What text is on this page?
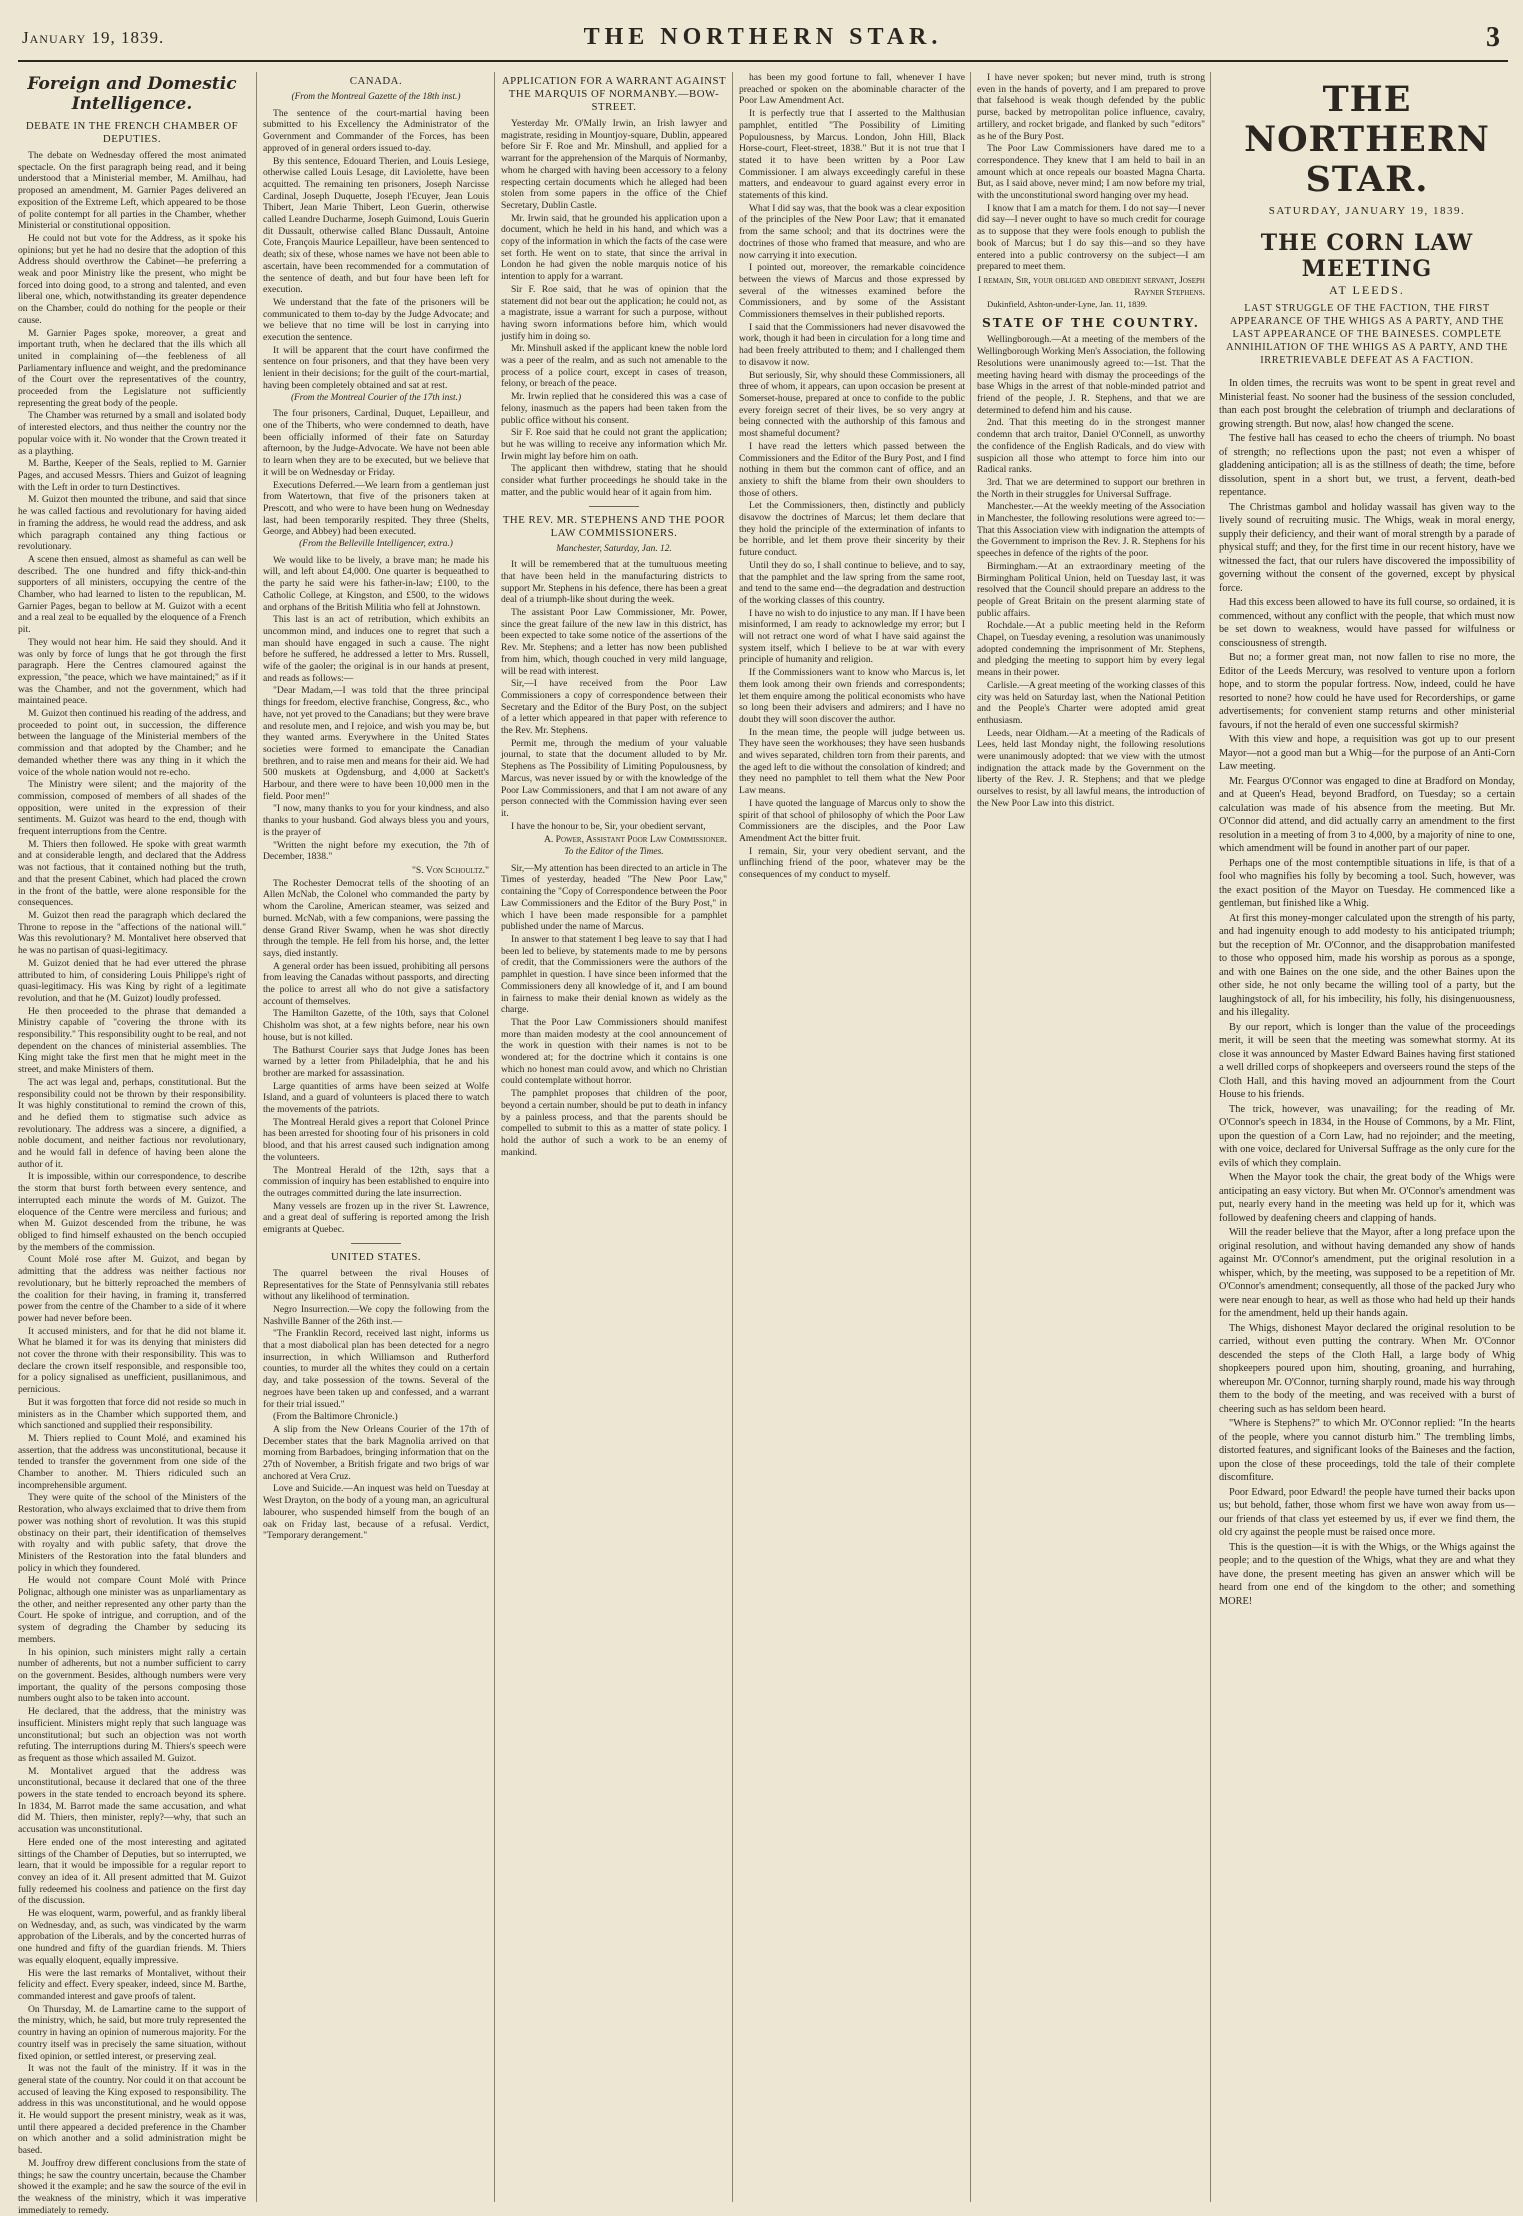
January 19, 1839.	THE NORTHERN STAR.	3
Foreign and Domestic Intelligence.
DEBATE IN THE FRENCH CHAMBER OF DEPUTIES.

The debate on Wednesday offered the most animated spectacle. On the first paragraph being read, and it being understood that a Ministerial member, M. Amilhau, had proposed an amendment, M. Garnier Pages delivered an exposition of the Extreme Left, which appeared to be those of polite contempt for all parties in the Chamber, whether Ministerial or constitutional opposition.

He could not but vote for the Address, as it spoke his opinions; but yet he had no desire that the adoption of this Address should overthrow the Cabinet—he preferring a weak and poor Ministry like the present, who might be forced into doing good, to a strong and talented, and even liberal one, which, notwithstanding its greater dependence on the Chamber, could do nothing for the people or their cause.

M. Garnier Pages spoke, moreover, a great and important truth, when he declared that the ills which all united in complaining of—the feebleness of all Parliamentary influence and weight, and the predominance of the Court over the representatives of the country, proceeded from the Legislature not sufficiently representing the great body of the people.

The Chamber was returned by a small and isolated body of interested electors, and thus neither the country nor the popular voice with it. No wonder that the Crown treated it as a plaything.

M. Barthe, Keeper of the Seals, replied to M. Garnier Pages, and accused Messrs. Thiers and Guizot of leagning with the Left in order to turn Destinctives.

M. Guizot then mounted the tribune, and said that since he was called factious and revolutionary for having aided in framing the address, he would read the address, and ask which paragraph contained any thing factious or revolutionary.

A scene then ensued, almost as shameful as can well be described. The one hundred and fifty thick-and-thin supporters of all ministers, occupying the centre of the Chamber, who had learned to listen to the republican, M. Garnier Pages, began to bellow at M. Guizot with a ecent and a real zeal to be equalled by the eloquence of a French pit.

They would not hear him. He said they should. And it was only by force of lungs that he got through the first paragraph. Here the Centres clamoured against the expression, "the peace, which we have maintained;" as if it was the Chamber, and not the government, which had maintained peace.

M. Guizot then continued his reading of the address, and proceeded to point out, in succession, the difference between the language of the Ministerial members of the commission and that adopted by the Chamber; and he demanded whether there was any thing in it which the voice of the whole nation would not re-echo.

The Ministry were silent; and the majority of the commission, composed of members of all shades of the opposition, were united in the expression of their sentiments. M. Guizot was heard to the end, though with frequent interruptions from the Centre.

M. Thiers then followed. He spoke with great warmth and at considerable length, and declared that the Address was not factious, that it contained nothing but the truth, and that the present Cabinet, which had placed the crown in the front of the battle, were alone responsible for the consequences.

M. Guizot then read the paragraph which declared the Throne to repose in the "affections of the national will." Was this revolutionary? M. Montalivet here observed that he was no partisan of quasi-legitimacy.

M. Guizot denied that he had ever uttered the phrase attributed to him, of considering Louis Philippe's right of quasi-legitimacy. His was King by right of a legitimate revolution, and that he (M. Guizot) loudly professed.

He then proceeded to the phrase that demanded a Ministry capable of "covering the throne with its responsibility." This responsibility ought to be real, and not dependent on the chances of ministerial assemblies. The King might take the first men that he might meet in the street, and make Ministers of them.

The act was legal and, perhaps, constitutional. But the responsibility could not be thrown by their responsibility. It was highly constitutional to remind the crown of this, and he defied them to stigmatise such advice as revolutionary. The address was a sincere, a dignified, a noble document, and neither factious nor revolutionary, and he would fall in defence of having been alone the author of it.

It is impossible, within our correspondence, to describe the storm that burst forth between every sentence, and interrupted each minute the words of M. Guizot. The eloquence of the Centre were merciless and furious; and when M. Guizot descended from the tribune, he was obliged to find himself exhausted on the bench occupied by the members of the commission.

Count Molé rose after M. Guizot, and began by admitting that the address was neither factious nor revolutionary, but he bitterly reproached the members of the coalition for their having, in framing it, transferred power from the centre of the Chamber to a side of it where power had never before been.

It accused ministers, and for that he did not blame it. What he blamed it for was its denying that ministers did not cover the throne with their responsibility. This was to declare the crown itself responsible, and responsible too, for a policy signalised as unefficient, pusillanimous, and pernicious.

But it was forgotten that force did not reside so much in ministers as in the Chamber which supported them, and which sanctioned and supplied their responsibility.

M. Thiers replied to Count Molé, and examined his assertion, that the address was unconstitutional, because it tended to transfer the government from one side of the Chamber to another. M. Thiers ridiculed such an incomprehensible argument.

They were quite of the school of the Ministers of the Restoration, who always exclaimed that to drive them from power was nothing short of revolution. It was this stupid obstinacy on their part, their identification of themselves with royalty and with public safety, that drove the Ministers of the Restoration into the fatal blunders and policy in which they foundered.

He would not compare Count Molé with Prince Polignac, although one minister was as unparliamentary as the other, and neither represented any other party than the Court. He spoke of intrigue, and corruption, and of the system of degrading the Chamber by seducing its members.

In his opinion, such ministers might rally a certain number of adherents, but not a number sufficient to carry on the government. Besides, although numbers were very important, the quality of the persons composing those numbers ought also to be taken into account.

He declared, that the address, that the ministry was insufficient. Ministers might reply that such language was unconstitutional; but such an objection was not worth refuting. The interruptions during M. Thiers's speech were as frequent as those which assailed M. Guizot.

M. Montalivet argued that the address was unconstitutional, because it declared that one of the three powers in the state tended to encroach beyond its sphere. In 1834, M. Barrot made the same accusation, and what did M. Thiers, then minister, reply?—why, that such an accusation was unconstitutional.

Here ended one of the most interesting and agitated sittings of the Chamber of Deputies, but so interrupted, we learn, that it would be impossible for a regular report to convey an idea of it. All present admitted that M. Guizot fully redeemed his coolness and patience on the first day of the discussion.

He was eloquent, warm, powerful, and as frankly liberal on Wednesday, and, as such, was vindicated by the warm approbation of the Liberals, and by the concerted hurras of one hundred and fifty of the guardian friends. M. Thiers was equally eloquent, equally impressive.

His were the last remarks of Montalivet, without their felicity and effect. Every speaker, indeed, since M. Barthe, commanded interest and gave proofs of talent.

On Thursday, M. de Lamartine came to the support of the ministry, which, he said, but more truly represented the country in having an opinion of numerous majority. For the country itself was in precisely the same situation, without fixed opinion, or settled interest, or preserving zeal.

It was not the fault of the ministry. If it was in the general state of the country. Nor could it on that account be accused of leaving the King exposed to responsibility. The address in this was unconstitutional, and he would oppose it. He would support the present ministry, weak as it was, until there appeared a decided preference in the Chamber on which another and a solid administration might be based.

M. Jouffroy drew different conclusions from the state of things; he saw the country uncertain, because the Chamber showed it the example; and he saw the source of the evil in the weakness of the ministry, which it was imperative immediately to remedy.

CANADA.
(From the Montreal Gazette of the 18th inst.)

The sentence of the court-martial having been submitted to his Excellency the Administrator of the Government and Commander of the Forces, has been approved of in general orders issued to-day.

By this sentence, Edouard Therien, and Louis Lesiege, otherwise called Louis Lesage, dit Laviolette, have been acquitted. The remaining ten prisoners, Joseph Narcisse Cardinal, Joseph Duquette, Joseph l'Ecuyer, Jean Louis Thibert, Jean Marie Thibert, Leon Guerin, otherwise called Leandre Ducharme, Joseph Guimond, Louis Guerin dit Dussault, otherwise called Blanc Dussault, Antoine Cote, François Maurice Lepailleur, have been sentenced to death; six of these, whose names we have not been able to ascertain, have been recommended for a commutation of the sentence of death, and but four have been left for execution.

We understand that the fate of the prisoners will be communicated to them to-day by the Judge Advocate; and we believe that no time will be lost in carrying into execution the sentence.

It will be apparent that the court have confirmed the sentence on four prisoners, and that they have been very lenient in their decisions; for the guilt of the court-martial, having been completely obtained and sat at rest.

(From the Montreal Courier of the 17th inst.)

The four prisoners, Cardinal, Duquet, Lepailleur, and one of the Thiberts, who were condemned to death, have been officially informed of their fate on Saturday afternoon, by the Judge-Advocate. We have not been able to learn when they are to be executed, but we believe that it will be on Wednesday or Friday.

Executions Deferred.—We learn from a gentleman just from Watertown, that five of the prisoners taken at Prescott, and who were to have been hung on Wednesday last, had been temporarily respited. They three (Shelts, George, and Abbey) had been executed.

(From the Belleville Intelligencer, extra.)

We would like to be lively, a brave man; he made his will, and left about £4,000. One quarter is bequeathed to the party he said were his father-in-law; £100, to the Catholic College, at Kingston, and £500, to the widows and orphans of the British Militia who fell at Johnstown.

This last is an act of retribution, which exhibits an uncommon mind, and induces one to regret that such a man should have engaged in such a cause. The night before he suffered, he addressed a letter to Mrs. Russell, wife of the gaoler; the original is in our hands at present, and reads as follows:—

"Dear Madam,—I was told that the three principal things for freedom, elective franchise, Congress, &c., who have, not yet proved to the Canadians; but they were brave and resolute men, and I rejoice, and wish you may be, but they wanted arms. Everywhere in the United States societies were formed to emancipate the Canadian brethren, and to raise men and means for their aid. We had 500 muskets at Ogdensburg, and 4,000 at Sackett's Harbour, and there were to have been 10,000 men in the field. Poor men!"

"I now, many thanks to you for your kindness, and also thanks to your husband. God always bless you and yours, is the prayer of

"Written the night before my execution, the 7th of December, 1838."

"S. Von Schoultz."

The Rochester Democrat tells of the shooting of an Allen McNab, the Colonel who commanded the party by whom the Caroline, American steamer, was seized and burned. McNab, with a few companions, were passing the dense Grand River Swamp, when he was shot directly through the temple. He fell from his horse, and, the letter says, died instantly.

A general order has been issued, prohibiting all persons from leaving the Canadas without passports, and directing the police to arrest all who do not give a satisfactory account of themselves.

The Hamilton Gazette, of the 10th, says that Colonel Chisholm was shot, at a few nights before, near his own house, but is not killed.

The Bathurst Courier says that Judge Jones has been warned by a letter from Philadelphia, that he and his brother are marked for assassination.

Large quantities of arms have been seized at Wolfe Island, and a guard of volunteers is placed there to watch the movements of the patriots.

The Montreal Herald gives a report that Colonel Prince has been arrested for shooting four of his prisoners in cold blood, and that his arrest caused such indignation among the volunteers.

The Montreal Herald of the 12th, says that a commission of inquiry has been established to enquire into the outrages committed during the late insurrection.

Many vessels are frozen up in the river St. Lawrence, and a great deal of suffering is reported among the Irish emigrants at Quebec.

UNITED STATES.

The quarrel between the rival Houses of Representatives for the State of Pennsylvania still rebates without any likelihood of termination.

Negro Insurrection.—We copy the following from the Nashville Banner of the 26th inst.—

"The Franklin Record, received last night, informs us that a most diabolical plan has been detected for a negro insurrection, in which Williamson and Rutherford counties, to murder all the whites they could on a certain day, and take possession of the towns. Several of the negroes have been taken up and confessed, and a warrant for their trial issued."

(From the Baltimore Chronicle.)

A slip from the New Orleans Courier of the 17th of December states that the bark Magnolia arrived on that morning from Barbadoes, bringing information that on the 27th of November, a British frigate and two brigs of war anchored at Vera Cruz.

Love and Suicide.—An inquest was held on Tuesday at West Drayton, on the body of a young man, an agricultural labourer, who suspended himself from the bough of an oak on Friday last, because of a refusal. Verdict, "Temporary derangement."

APPLICATION FOR A WARRANT AGAINST THE MARQUIS OF NORMANBY.—BOW-STREET.

Yesterday Mr. O'Mally Irwin, an Irish lawyer and magistrate, residing in Mountjoy-square, Dublin, appeared before Sir F. Roe and Mr. Minshull, and applied for a warrant for the apprehension of the Marquis of Normanby, whom he charged with having been accessory to a felony respecting certain documents which he alleged had been stolen from some papers in the office of the Chief Secretary, Dublin Castle.

Mr. Irwin said, that he grounded his application upon a document, which he held in his hand, and which was a copy of the information in which the facts of the case were set forth. He went on to state, that since the arrival in London he had given the noble marquis notice of his intention to apply for a warrant.

Sir F. Roe said, that he was of opinion that the statement did not bear out the application; he could not, as a magistrate, issue a warrant for such a purpose, without having sworn informations before him, which would justify him in doing so.

Mr. Minshull asked if the applicant knew the noble lord was a peer of the realm, and as such not amenable to the process of a police court, except in cases of treason, felony, or breach of the peace.

Mr. Irwin replied that he considered this was a case of felony, inasmuch as the papers had been taken from the public office without his consent.

Sir F. Roe said that he could not grant the application; but he was willing to receive any information which Mr. Irwin might lay before him on oath.

The applicant then withdrew, stating that he should consider what further proceedings he should take in the matter, and the public would hear of it again from him.

THE REV. MR. STEPHENS AND THE POOR LAW COMMISSIONERS.
Manchester, Saturday, Jan. 12.

It will be remembered that at the tumultuous meeting that have been held in the manufacturing districts to support Mr. Stephens in his defence, there has been a great deal of a triumph-like shout during the week.

The assistant Poor Law Commissioner, Mr. Power, since the great failure of the new law in this district, has been expected to take some notice of the assertions of the Rev. Mr. Stephens; and a letter has now been published from him, which, though couched in very mild language, will be read with interest.

Sir,—I have received from the Poor Law Commissioners a copy of correspondence between their Secretary and the Editor of the Bury Post, on the subject of a letter which appeared in that paper with reference to the Rev. Mr. Stephens.

Permit me, through the medium of your valuable journal, to state that the document alluded to by Mr. Stephens as The Possibility of Limiting Populousness, by Marcus, was never issued by or with the knowledge of the Poor Law Commissioners, and that I am not aware of any person connected with the Commission having ever seen it.

I have the honour to be, Sir, your obedient servant,

A. Power, Assistant Poor Law Commissioner.

To the Editor of the Times.

Sir,—My attention has been directed to an article in The Times of yesterday, headed "The New Poor Law," containing the "Copy of Correspondence between the Poor Law Commissioners and the Editor of the Bury Post," in which I have been made responsible for a pamphlet published under the name of Marcus.

In answer to that statement I beg leave to say that I had been led to believe, by statements made to me by persons of credit, that the Commissioners were the authors of the pamphlet in question. I have since been informed that the Commissioners deny all knowledge of it, and I am bound in fairness to make their denial known as widely as the charge.

That the Poor Law Commissioners should manifest more than maiden modesty at the cool announcement of the work in question with their names is not to be wondered at; for the doctrine which it contains is one which no honest man could avow, and which no Christian could contemplate without horror.

The pamphlet proposes that children of the poor, beyond a certain number, should be put to death in infancy by a painless process, and that the parents should be compelled to submit to this as a matter of state policy. I hold the author of such a work to be an enemy of mankind.

has been my good fortune to fall, whenever I have preached or spoken on the abominable character of the Poor Law Amendment Act.

It is perfectly true that I asserted to the Malthusian pamphlet, entitled "The Possibility of Limiting Populousness, by Marcus. London, John Hill, Black Horse-court, Fleet-street, 1838." But it is not true that I stated it to have been written by a Poor Law Commissioner. I am always exceedingly careful in these matters, and endeavour to guard against every error in statements of this kind.

What I did say was, that the book was a clear exposition of the principles of the New Poor Law; that it emanated from the same school; and that its doctrines were the doctrines of those who framed that measure, and who are now carrying it into execution.

I pointed out, moreover, the remarkable coincidence between the views of Marcus and those expressed by several of the witnesses examined before the Commissioners, and by some of the Assistant Commissioners themselves in their published reports.

I said that the Commissioners had never disavowed the work, though it had been in circulation for a long time and had been freely attributed to them; and I challenged them to disavow it now.

But seriously, Sir, why should these Commissioners, all three of whom, it appears, can upon occasion be present at Somerset-house, prepared at once to confide to the public every foreign secret of their lives, be so very angry at being connected with the authorship of this famous and most shameful document?

I have read the letters which passed between the Commissioners and the Editor of the Bury Post, and I find nothing in them but the common cant of office, and an anxiety to shift the blame from their own shoulders to those of others.

Let the Commissioners, then, distinctly and publicly disavow the doctrines of Marcus; let them declare that they hold the principle of the extermination of infants to be horrible, and let them prove their sincerity by their future conduct.

Until they do so, I shall continue to believe, and to say, that the pamphlet and the law spring from the same root, and tend to the same end—the degradation and destruction of the working classes of this country.

I have no wish to do injustice to any man. If I have been misinformed, I am ready to acknowledge my error; but I will not retract one word of what I have said against the system itself, which I believe to be at war with every principle of humanity and religion.

If the Commissioners want to know who Marcus is, let them look among their own friends and correspondents; let them enquire among the political economists who have so long been their advisers and admirers; and I have no doubt they will soon discover the author.

In the mean time, the people will judge between us. They have seen the workhouses; they have seen husbands and wives separated, children torn from their parents, and the aged left to die without the consolation of kindred; and they need no pamphlet to tell them what the New Poor Law means.

I have quoted the language of Marcus only to show the spirit of that school of philosophy of which the Poor Law Commissioners are the disciples, and the Poor Law Amendment Act the bitter fruit.

I remain, Sir, your very obedient servant, and the unflinching friend of the poor, whatever may be the consequences of my conduct to myself.

I have never spoken; but never mind, truth is strong even in the hands of poverty, and I am prepared to prove that falsehood is weak though defended by the public purse, backed by metropolitan police influence, cavalry, artillery, and rocket brigade, and flanked by such "editors" as he of the Bury Post.

The Poor Law Commissioners have dared me to a correspondence. They knew that I am held to bail in an amount which at once repeals our boasted Magna Charta. But, as I said above, never mind; I am now before my trial, with the unconstitutional sword hanging over my head.

I know that I am a match for them. I do not say—I never did say—I never ought to have so much credit for courage as to suppose that they were fools enough to publish the book of Marcus; but I do say this—and so they have entered into a public controversy on the subject—I am prepared to meet them.

I remain, Sir, your obliged and obedient servant, Joseph Rayner Stephens.

Dukinfield, Ashton-under-Lyne, Jan. 11, 1839.

STATE OF THE COUNTRY.

Wellingborough.—At a meeting of the members of the Wellingborough Working Men's Association, the following Resolutions were unanimously agreed to:—1st. That the meeting having heard with dismay the proceedings of the base Whigs in the arrest of that noble-minded patriot and friend of the people, J. R. Stephens, and that we are determined to defend him and his cause.

2nd. That this meeting do in the strongest manner condemn that arch traitor, Daniel O'Connell, as unworthy the confidence of the English Radicals, and do view with suspicion all those who attempt to force him into our Radical ranks.

3rd. That we are determined to support our brethren in the North in their struggles for Universal Suffrage.

Manchester.—At the weekly meeting of the Association in Manchester, the following resolutions were agreed to:—That this Association view with indignation the attempts of the Government to imprison the Rev. J. R. Stephens for his speeches in defence of the rights of the poor.

Birmingham.—At an extraordinary meeting of the Birmingham Political Union, held on Tuesday last, it was resolved that the Council should prepare an address to the people of Great Britain on the present alarming state of public affairs.

Rochdale.—At a public meeting held in the Reform Chapel, on Tuesday evening, a resolution was unanimously adopted condemning the imprisonment of Mr. Stephens, and pledging the meeting to support him by every legal means in their power.

Carlisle.—A great meeting of the working classes of this city was held on Saturday last, when the National Petition and the People's Charter were adopted amid great enthusiasm.

Leeds, near Oldham.—At a meeting of the Radicals of Lees, held last Monday night, the following resolutions were unanimously adopted: that we view with the utmost indignation the attack made by the Government on the liberty of the Rev. J. R. Stephens; and that we pledge ourselves to resist, by all lawful means, the introduction of the New Poor Law into this district.

THE NORTHERN STAR.
SATURDAY, JANUARY 19, 1839.
THE CORN LAW MEETING
AT LEEDS.
LAST STRUGGLE OF THE FACTION, THE FIRST APPEARANCE OF THE WHIGS AS A PARTY, AND THE LAST APPEARANCE OF THE BAINESES. COMPLETE ANNIHILATION OF THE WHIGS AS A PARTY, AND THE IRRETRIEVABLE DEFEAT AS A FACTION.

In olden times, the recruits was wont to be spent in great revel and Ministerial feast. No sooner had the business of the session concluded, than each post brought the celebration of triumph and declarations of growing strength. But now, alas! how changed the scene.

The festive hall has ceased to echo the cheers of triumph. No boast of strength; no reflections upon the past; not even a whisper of gladdening anticipation; all is as the stillness of death; the time, before dissolution, spent in a short but, we trust, a fervent, death-bed repentance.

The Christmas gambol and holiday wassail has given way to the lively sound of recruiting music. The Whigs, weak in moral energy, supply their deficiency, and their want of moral strength by a parade of physical stuff; and they, for the first time in our recent history, have we witnessed the fact, that our rulers have discovered the impossibility of governing without the consent of the governed, except by physical force.

Had this excess been allowed to have its full course, so ordained, it is commenced, without any conflict with the people, that which must now be set down to weakness, would have passed for wilfulness or consciousness of strength.

But no; a former great man, not now fallen to rise no more, the Editor of the Leeds Mercury, was resolved to venture upon a forlorn hope, and to storm the popular fortress. Now, indeed, could he have resorted to none? how could he have used for Recorderships, or game advertisements; for convenient stamp returns and other ministerial favours, if not the herald of even one successful skirmish?

With this view and hope, a requisition was got up to our present Mayor—not a good man but a Whig—for the purpose of an Anti-Corn Law meeting.

Mr. Feargus O'Connor was engaged to dine at Bradford on Monday, and at Queen's Head, beyond Bradford, on Tuesday; so a certain calculation was made of his absence from the meeting. But Mr. O'Connor did attend, and did actually carry an amendment to the first resolution in a meeting of from 3 to 4,000, by a majority of nine to one, which amendment will be found in another part of our paper.

Perhaps one of the most contemptible situations in life, is that of a fool who magnifies his folly by becoming a tool. Such, however, was the exact position of the Mayor on Tuesday. He commenced like a gentleman, but finished like a Whig.

At first this money-monger calculated upon the strength of his party, and had ingenuity enough to add modesty to his anticipated triumph; but the reception of Mr. O'Connor, and the disapprobation manifested to those who opposed him, made his worship as porous as a sponge, and with one Baines on the one side, and the other Baines upon the other side, he not only became the willing tool of a party, but the laughingstock of all, for his imbecility, his folly, his disingenuousness, and his illegality.

By our report, which is longer than the value of the proceedings merit, it will be seen that the meeting was somewhat stormy. At its close it was announced by Master Edward Baines having first stationed a well drilled corps of shopkeepers and overseers round the steps of the Cloth Hall, and this having moved an adjournment from the Court House to his friends.

The trick, however, was unavailing; for the reading of Mr. O'Connor's speech in 1834, in the House of Commons, by a Mr. Flint, upon the question of a Corn Law, had no rejoinder; and the meeting, with one voice, declared for Universal Suffrage as the only cure for the evils of which they complain.

When the Mayor took the chair, the great body of the Whigs were anticipating an easy victory. But when Mr. O'Connor's amendment was put, nearly every hand in the meeting was held up for it, which was followed by deafening cheers and clapping of hands.

Will the reader believe that the Mayor, after a long preface upon the original resolution, and without having demanded any show of hands against Mr. O'Connor's amendment, put the original resolution in a whisper, which, by the meeting, was supposed to be a repetition of Mr. O'Connor's amendment; consequently, all those of the packed Jury who were near enough to hear, as well as those who had held up their hands for the amendment, held up their hands again.

The Whigs, dishonest Mayor declared the original resolution to be carried, without even putting the contrary. When Mr. O'Connor descended the steps of the Cloth Hall, a large body of Whig shopkeepers poured upon him, shouting, groaning, and hurrahing, whereupon Mr. O'Connor, turning sharply round, made his way through them to the body of the meeting, and was received with a burst of cheering such as has seldom been heard.

"Where is Stephens?" to which Mr. O'Connor replied: "In the hearts of the people, where you cannot disturb him." The trembling limbs, distorted features, and significant looks of the Baineses and the faction, upon the close of these proceedings, told the tale of their complete discomfiture.

Poor Edward, poor Edward! the people have turned their backs upon us; but behold, father, those whom first we have won away from us—our friends of that class yet esteemed by us, if ever we find them, the old cry against the people must be raised once more.

This is the question—it is with the Whigs, or the Whigs against the people; and to the question of the Whigs, what they are and what they have done, the present meeting has given an answer which will be heard from one end of the kingdom to the other; and something MORE!
